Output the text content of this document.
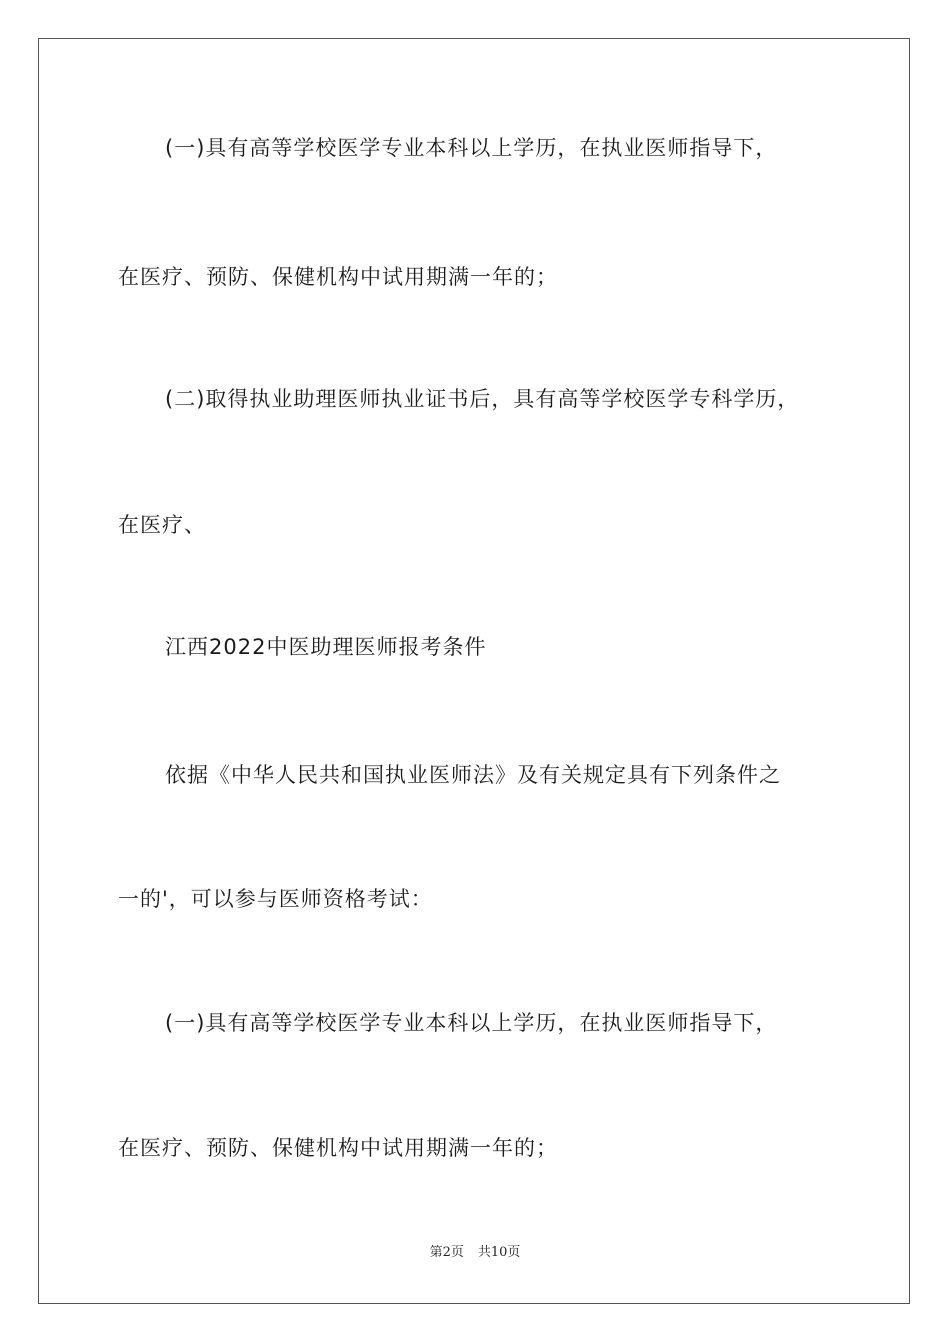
(一)具有高等学校医学专业本科以上学历，在执业医师指导下，
在医疗、预防、保健机构中试用期满一年的；
(二)取得执业助理医师执业证书后，具有高等学校医学专科学历，
在医疗、
江西2022中医助理医师报考条件
依据《中华人民共和国执业医师法》及有关规定具有下列条件之
一的'，可以参与医师资格考试：
(一)具有高等学校医学专业本科以上学历，在执业医师指导下，
在医疗、预防、保健机构中试用期满一年的；
第2页 共10页
